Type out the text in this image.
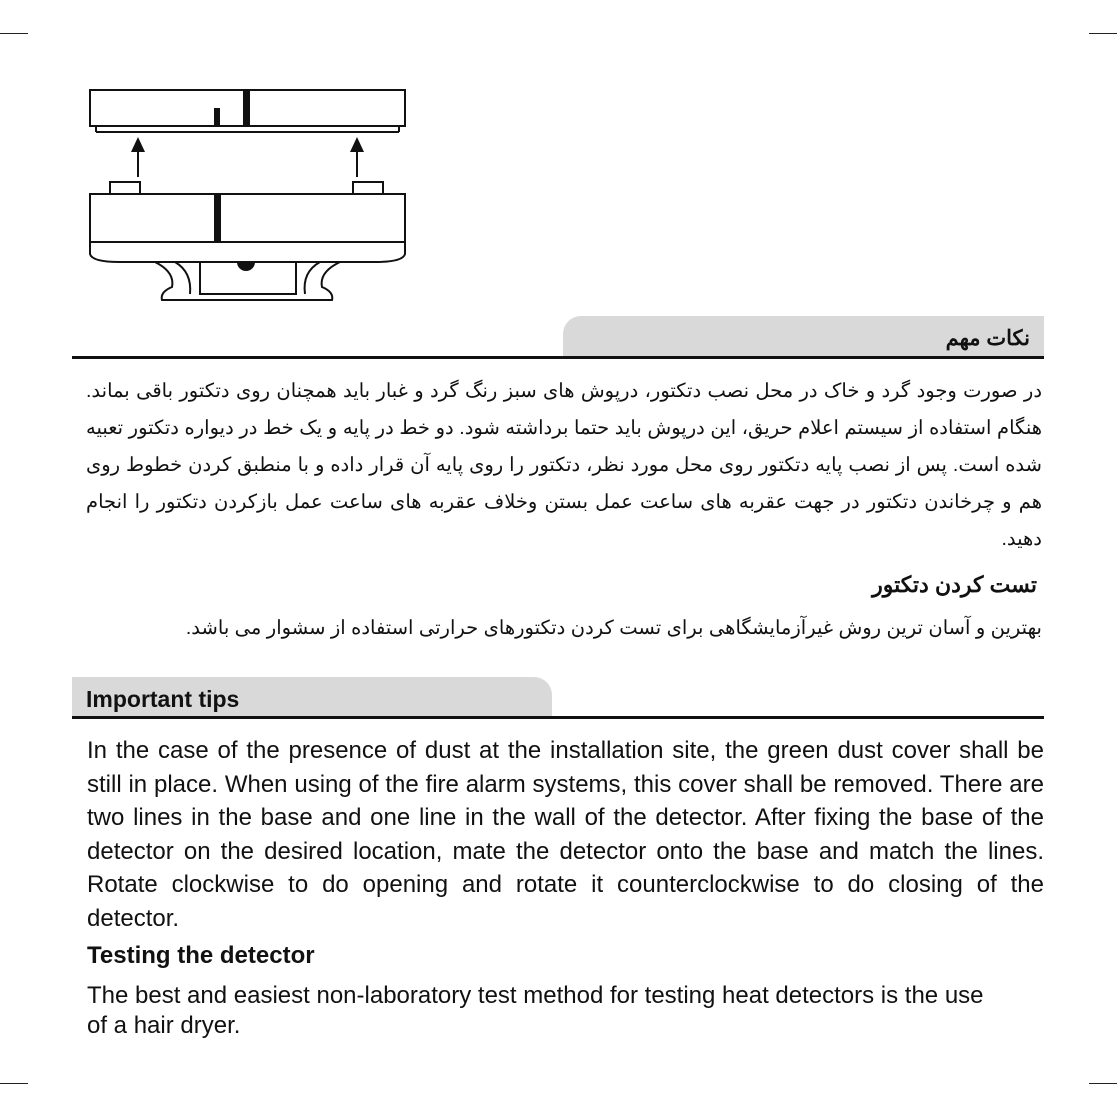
نکات مهم
در صورت وجود گرد و خاک در محل نصب دتکتور، درپوش های سبز رنگ گرد و غبار باید همچنان روی دتکتور باقی بماند. هنگام استفاده از سیستم اعلام حریق، این درپوش باید حتما برداشته شود. دو خط در پایه و یک خط در دیواره دتکتور تعبیه شده است. پس از نصب پایه دتکتور روی محل مورد نظر، دتکتور را روی پایه آن قرار داده و با منطبق کردن خطوط روی هم و چرخاندن دتکتور در جهت عقربه های ساعت عمل بستن وخلاف عقربه های ساعت عمل بازکردن دتکتور را انجام دهید.
تست کردن دتکتور
بهترین و آسان ترین روش غیرآزمایشگاهی برای تست کردن دتکتورهای حرارتی استفاده از سشوار می باشد.
Important tips
In the case of the presence of dust at the installation site, the green dust cover shall be still in place. When using of the fire alarm systems, this cover shall be removed. There are two lines in the base and one line in the wall of the detector. After fixing the base of the detector on the desired location, mate the detector onto the base and match the lines. Rotate clockwise to do opening and rotate it counterclockwise to do closing of the detector.
Testing the detector
The best and easiest non-laboratory test method for testing heat detectors is the use of a hair dryer.
